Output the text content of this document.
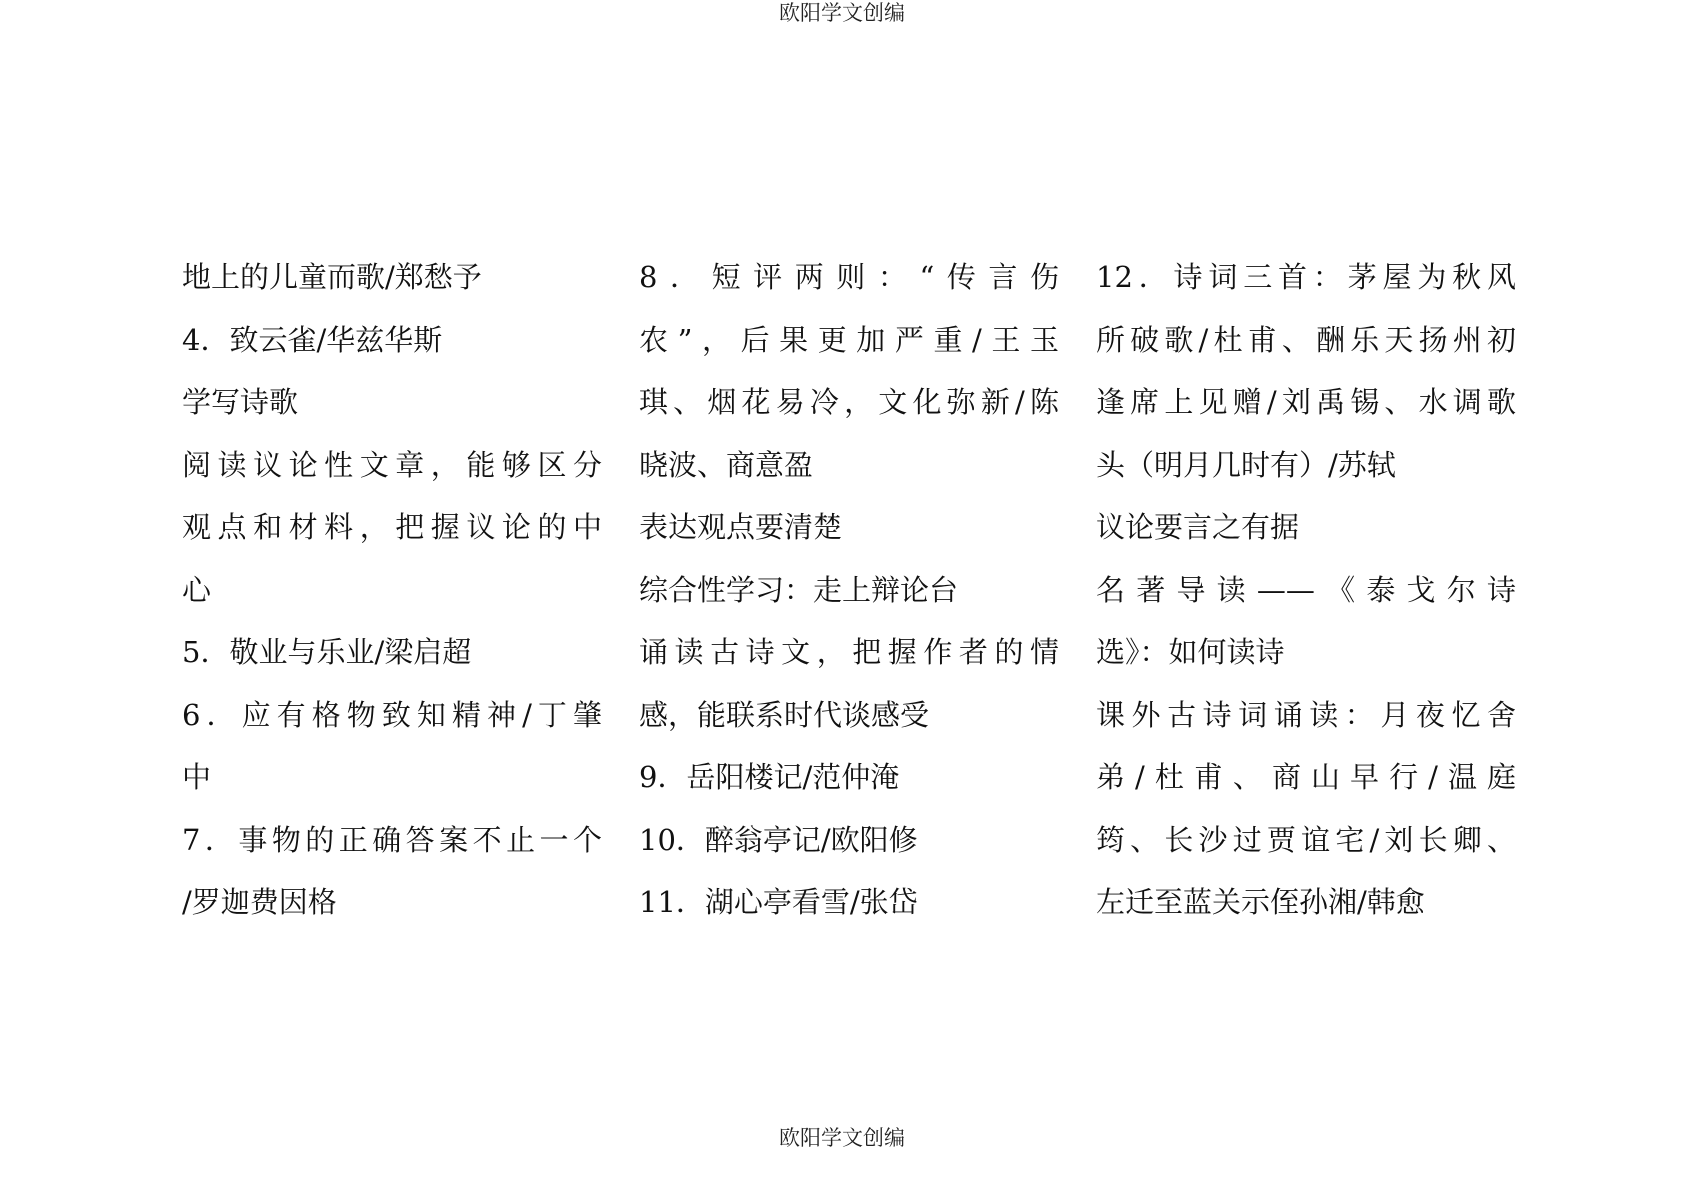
欧阳学文创编
地上的儿童而歌/郑愁予
4．致云雀/华兹华斯
学写诗歌
阅读议论性文章，能够区分
观点和材料，把握议论的中
心
5．敬业与乐业/梁启超
6．应有格物致知精神/丁肇
中
7．事物的正确答案不止一个
/罗迦费因格
8．短评两则：“传言伤
农”，后果更加严重/王玉
琪、烟花易冷，文化弥新/陈
晓波、商意盈
表达观点要清楚
综合性学习：走上辩论台
诵读古诗文，把握作者的情
感，能联系时代谈感受
9．岳阳楼记/范仲淹
10．醉翁亭记/欧阳修
11．湖心亭看雪/张岱
12．诗词三首：茅屋为秋风
所破歌/杜甫、酬乐天扬州初
逢席上见赠/刘禹锡、水调歌
头（明月几时有）/苏轼
议论要言之有据
名著导读——《泰戈尔诗
选》：如何读诗
课外古诗词诵读：月夜忆舍
弟/杜甫、商山早行/温庭
筠、长沙过贾谊宅/刘长卿、
左迁至蓝关示侄孙湘/韩愈
欧阳学文创编
